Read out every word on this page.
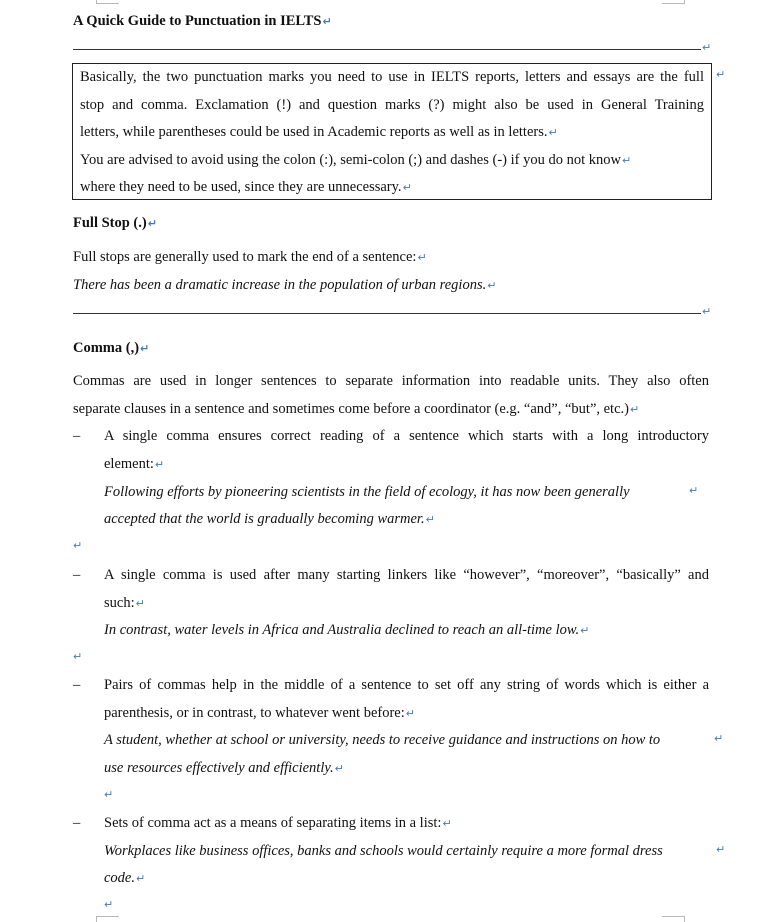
A Quick Guide to Punctuation in IELTS↵
↵
Basically, the two punctuation marks you need to use in IELTS reports, letters and essays are the full ↵
stop and comma. Exclamation (!) and question marks (?) might also be used in General Training
letters, while parentheses could be used in Academic reports as well as in letters.↵
You are advised to avoid using the colon (:), semi-colon (;) and dashes (-) if you do not know↵
where they need to be used, since they are unnecessary.↵
Full Stop (.)↵
Full stops are generally used to mark the end of a sentence:↵
There has been a dramatic increase in the population of urban regions.↵
↵
Comma (,)↵
Commas are used in longer sentences to separate information into readable units. They also often
separate clauses in a sentence and sometimes come before a coordinator (e.g. “and”, “but”, etc.)↵
– A single comma ensures correct reading of a sentence which starts with a long introductory
element:↵
Following efforts by pioneering scientists in the field of ecology, it has now been generally	↵
accepted that the world is gradually becoming warmer.↵
↵
– A single comma is used after many starting linkers like “however”, “moreover”, “basically” and
such:↵
In contrast, water levels in Africa and Australia declined to reach an all-time low.↵
↵
– Pairs of commas help in the middle of a sentence to set off any string of words which is either a
parenthesis, or in contrast, to whatever went before:↵
A student, whether at school or university, needs to receive guidance and instructions on how to	↵
use resources effectively and efficiently.↵
↵
– Sets of comma act as a means of separating items in a list:↵
Workplaces like business offices, banks and schools would certainly require a more formal dress	↵
code.↵
↵
